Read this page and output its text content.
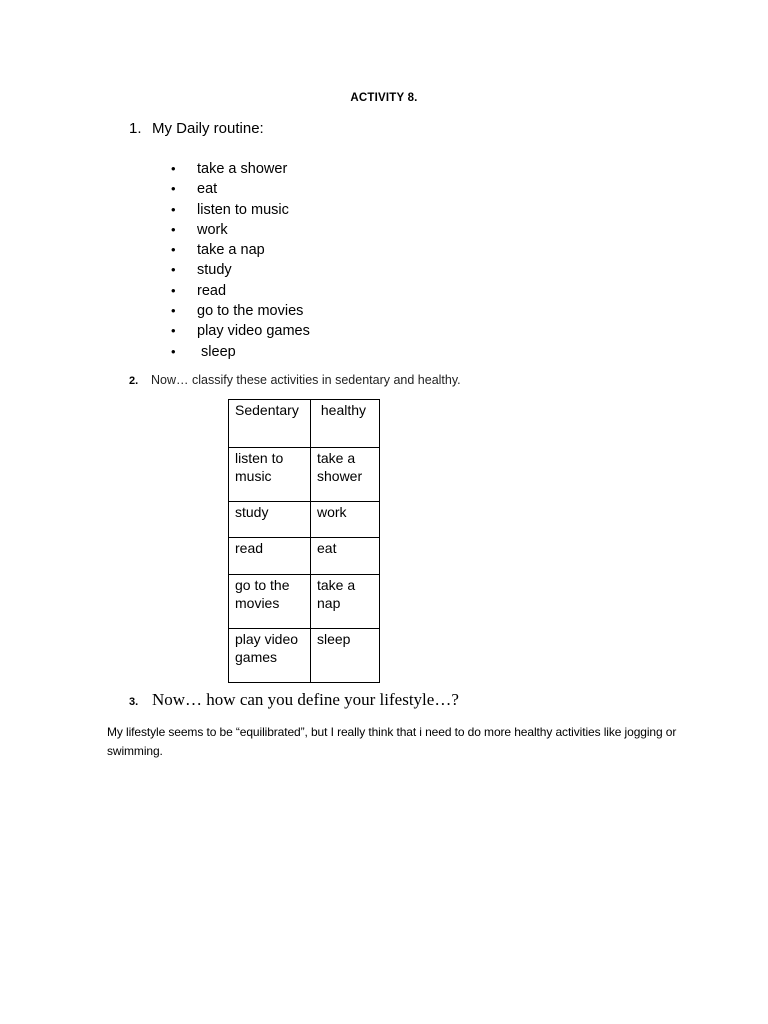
ACTIVITY 8.
1. My Daily routine:
• take a shower
• eat
• listen to music
• work
• take a nap
• study
• read
• go to the movies
• play video games
• sleep
2. Now… classify these activities in sedentary and healthy.
Sedentary	healthy
listen to music	take a shower
study	work
read	eat
go to the movies	take a nap
play video games	sleep
3. Now… how can you define your lifestyle…?
My lifestyle seems to be “equilibrated”, but I really think that i need to do more healthy activities like jogging or swimming.
